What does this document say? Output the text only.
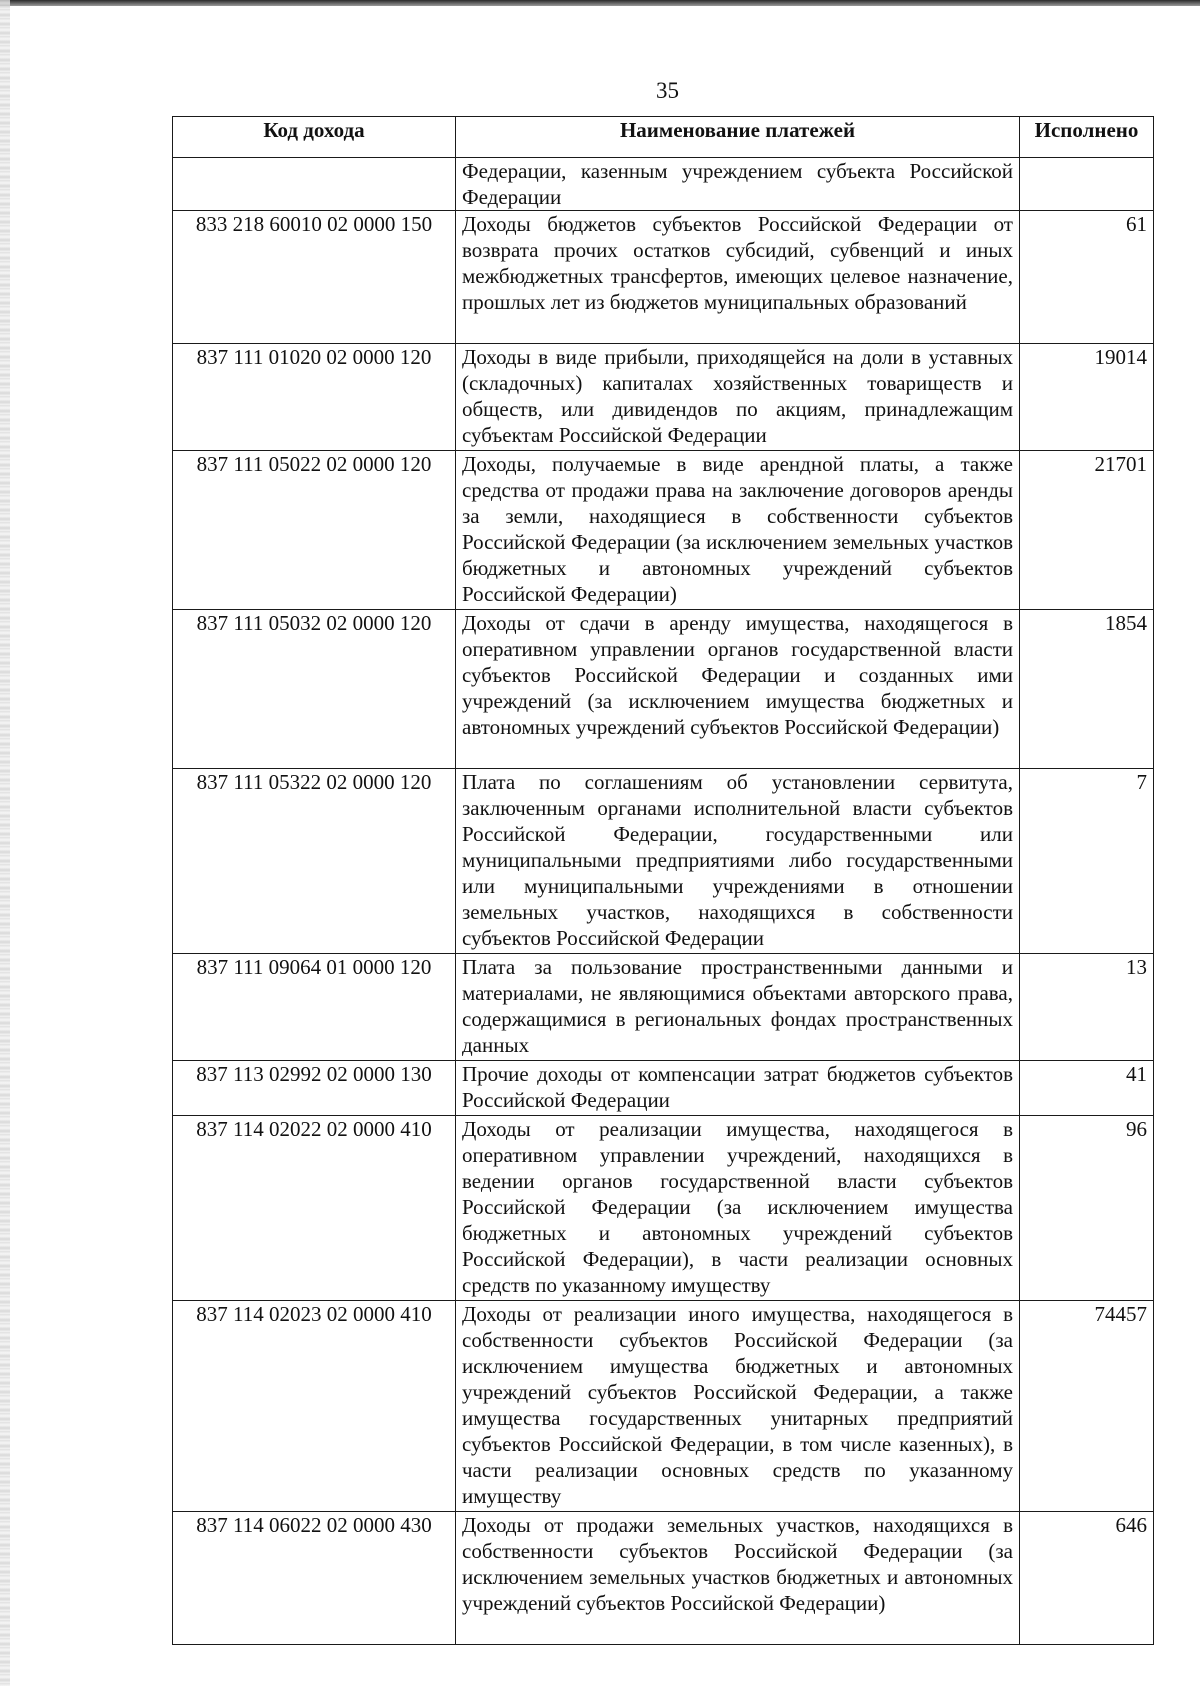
35
Код дохода	Наименование платежей	Исполнено
	Федерации, казенным учреждением субъекта Российской Федерации	
833 218 60010 02 0000 150	Доходы бюджетов субъектов Российской Федерации от возврата прочих остатков субсидий, субвенций и иных межбюджетных трансфертов, имеющих целевое назначение, прошлых лет из бюджетов муниципальных образований	61
837 111 01020 02 0000 120	Доходы в виде прибыли, приходящейся на доли в уставных (складочных) капиталах хозяйственных товариществ и обществ, или дивидендов по акциям, принадлежащим субъектам Российской Федерации	19014
837 111 05022 02 0000 120	Доходы, получаемые в виде арендной платы, а также средства от продажи права на заключение договоров аренды за земли, находящиеся в собственности субъектов Российской Федерации (за исключением земельных участков бюджетных и автономных учреждений субъектов Российской Федерации)	21701
837 111 05032 02 0000 120	Доходы от сдачи в аренду имущества, находящегося в оперативном управлении органов государственной власти субъектов Российской Федерации и созданных ими учреждений (за исключением имущества бюджетных и автономных учреждений субъектов Российской Федерации)	1854
837 111 05322 02 0000 120	Плата по соглашениям об установлении сервитута, заключенным органами исполнительной власти субъектов Российской Федерации, государственными или муниципальными предприятиями либо государственными или муниципальными учреждениями в отношении земельных участков, находящихся в собственности субъектов Российской Федерации	7
837 111 09064 01 0000 120	Плата за пользование пространственными данными и материалами, не являющимися объектами авторского права, содержащимися в региональных фондах пространственных данных	13
837 113 02992 02 0000 130	Прочие доходы от компенсации затрат бюджетов субъектов Российской Федерации	41
837 114 02022 02 0000 410	Доходы от реализации имущества, находящегося в оперативном управлении учреждений, находящихся в ведении органов государственной власти субъектов Российской Федерации (за исключением имущества бюджетных и автономных учреждений субъектов Российской Федерации), в части реализации основных средств по указанному имуществу	96
837 114 02023 02 0000 410	Доходы от реализации иного имущества, находящегося в собственности субъектов Российской Федерации (за исключением имущества бюджетных и автономных учреждений субъектов Российской Федерации, а также имущества государственных унитарных предприятий субъектов Российской Федерации, в том числе казенных), в части реализации основных средств по указанному имуществу	74457
837 114 06022 02 0000 430	Доходы от продажи земельных участков, находящихся в собственности субъектов Российской Федерации (за исключением земельных участков бюджетных и автономных учреждений субъектов Российской Федерации)	646
